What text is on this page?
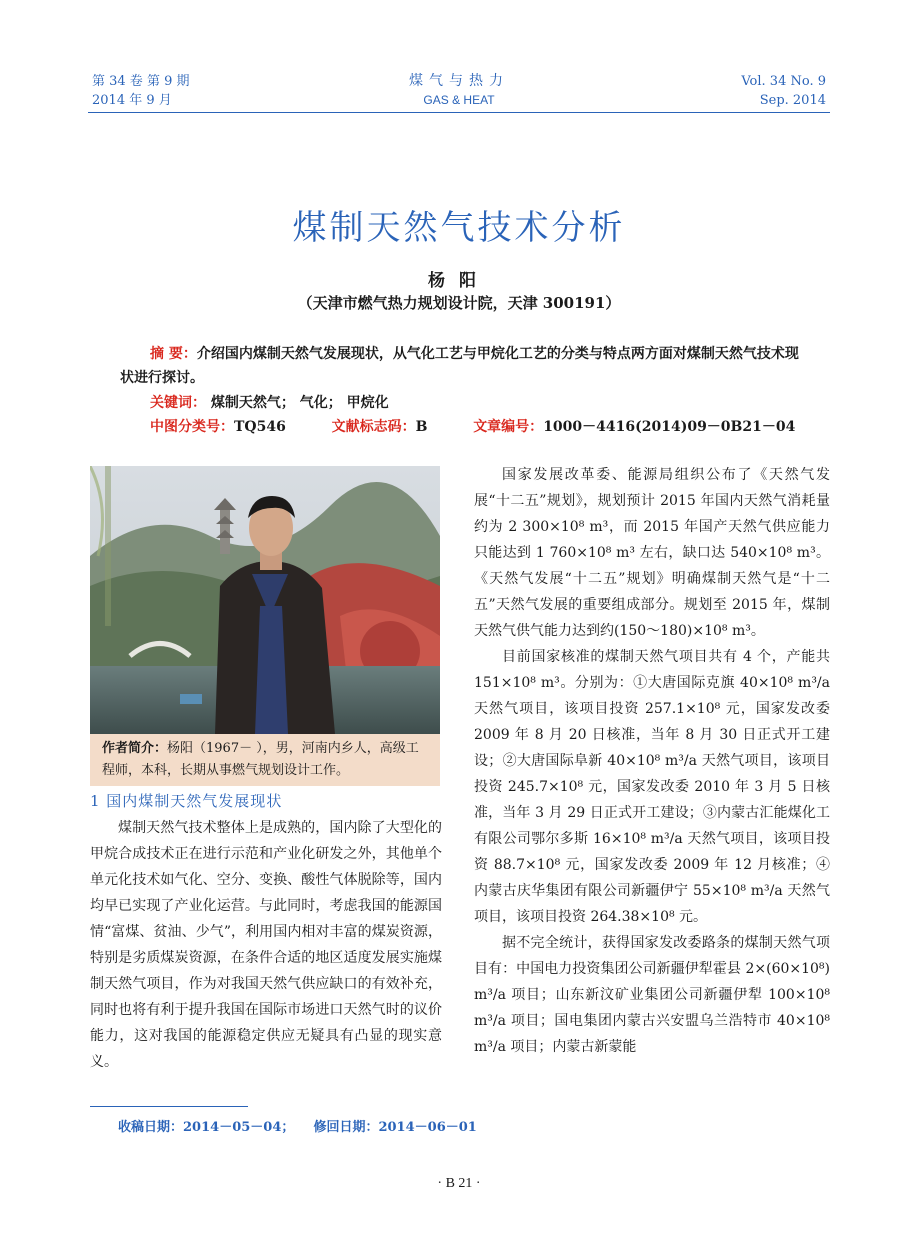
第 34 卷 第 9 期
2014 年 9 月
煤气与热力
GAS & HEAT
Vol. 34 No. 9
Sep. 2014
煤制天然气技术分析
杨阳
（天津市燃气热力规划设计院，天津 300191）
摘 要：介绍国内煤制天然气发展现状，从气化工艺与甲烷化工艺的分类与特点两方面对煤制天然气技术现状进行探讨。
关键词： 煤制天然气； 气化； 甲烷化
中图分类号：TQ546	文献标志码：B	文章编号：1000－4416(2014)09－0B21－04
作者简介：杨阳（1967－ ），男，河南内乡人，高级工程师，本科，长期从事燃气规划设计工作。
1 国内煤制天然气发展现状

煤制天然气技术整体上是成熟的，国内除了大型化的甲烷合成技术正在进行示范和产业化研发之外，其他单个单元化技术如气化、空分、变换、酸性气体脱除等，国内均早已实现了产业化运营。与此同时，考虑我国的能源国情“富煤、贫油、少气”，利用国内相对丰富的煤炭资源，特别是劣质煤炭资源，在条件合适的地区适度发展实施煤制天然气项目，作为对我国天然气供应缺口的有效补充，同时也将有利于提升我国在国际市场进口天然气时的议价能力，这对我国的能源稳定供应无疑具有凸显的现实意义。

国家发展改革委、能源局组织公布了《天然气发展“十二五”规划》，规划预计 2015 年国内天然气消耗量约为 2 300×10⁸ m³，而 2015 年国产天然气供应能力只能达到 1 760×10⁸ m³ 左右，缺口达 540×10⁸ m³。《天然气发展“十二五”规划》明确煤制天然气是“十二五”天然气发展的重要组成部分。规划至 2015 年，煤制天然气供气能力达到约(150～180)×10⁸ m³。

目前国家核准的煤制天然气项目共有 4 个，产能共 151×10⁸ m³。分别为：①大唐国际克旗 40×10⁸ m³/a 天然气项目，该项目投资 257.1×10⁸ 元，国家发改委 2009 年 8 月 20 日核准，当年 8 月 30 日正式开工建设；②大唐国际阜新 40×10⁸ m³/a 天然气项目，该项目投资 245.7×10⁸ 元，国家发改委 2010 年 3 月 5 日核准，当年 3 月 29 日正式开工建设；③内蒙古汇能煤化工有限公司鄂尔多斯 16×10⁸ m³/a 天然气项目，该项目投资 88.7×10⁸ 元，国家发改委 2009 年 12 月核准；④内蒙古庆华集团有限公司新疆伊宁 55×10⁸ m³/a 天然气项目，该项目投资 264.38×10⁸ 元。

据不完全统计，获得国家发改委路条的煤制天然气项目有：中国电力投资集团公司新疆伊犁霍县 2×(60×10⁸) m³/a 项目；山东新汶矿业集团公司新疆伊犁 100×10⁸ m³/a 项目；国电集团内蒙古兴安盟乌兰浩特市 40×10⁸ m³/a 项目；内蒙古新蒙能

收稿日期：2014－05－04； 修回日期：2014－06－01
· B 21 ·
